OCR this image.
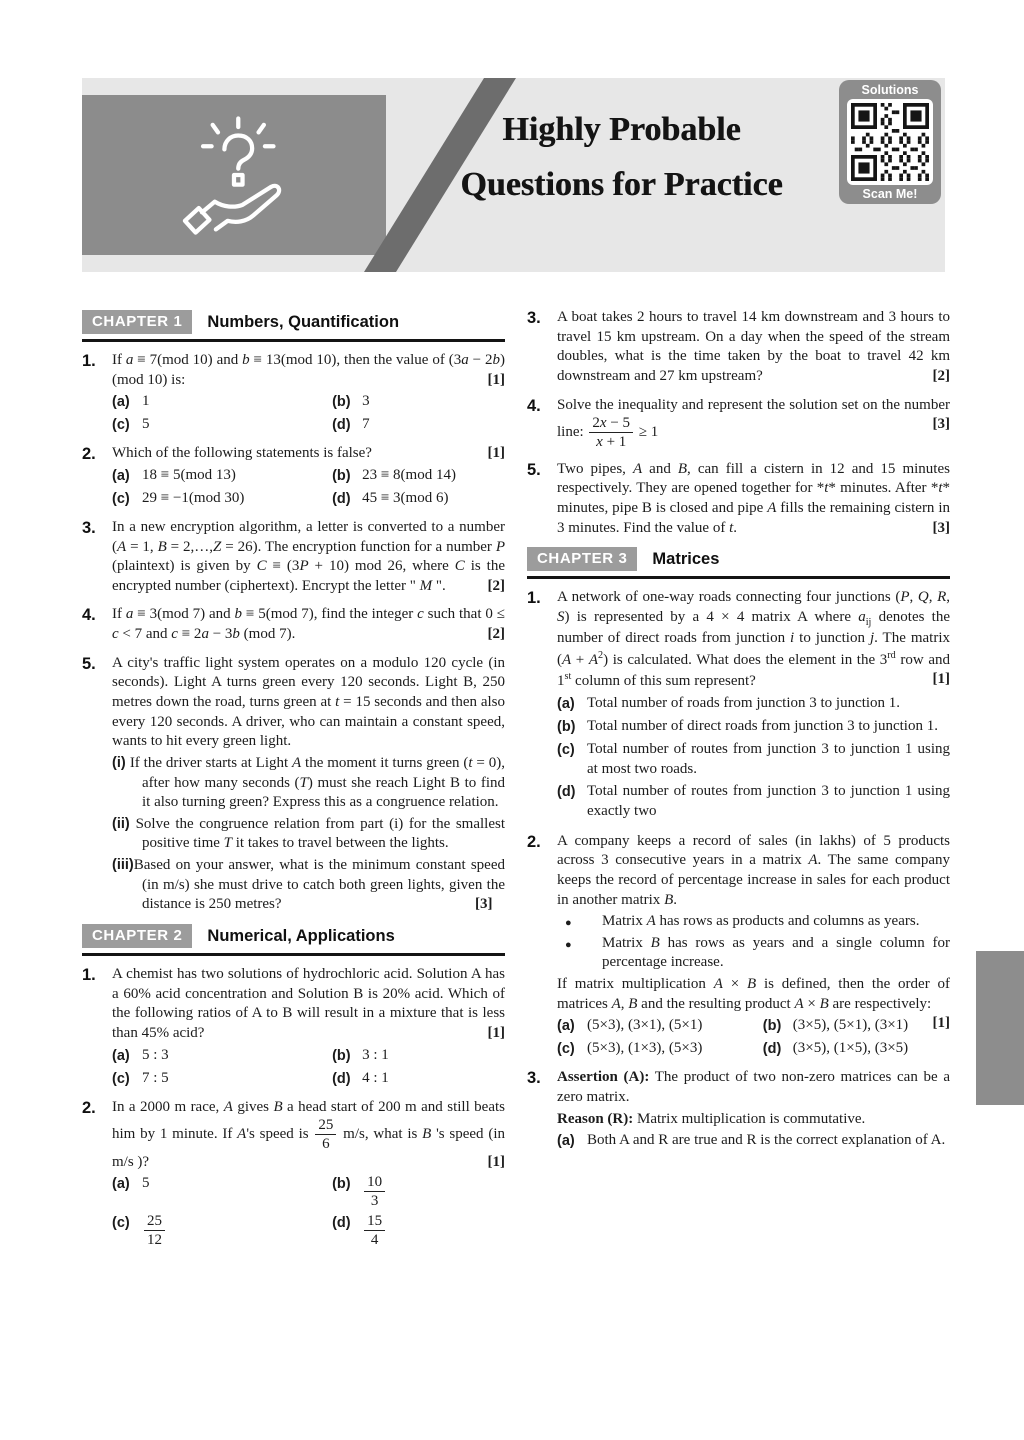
Highly Probable
Questions for Practice
Solutions
Scan Me!
CHAPTER 1	Numbers, Quantification
1.	If a ≡ 7(mod 10) and b ≡ 13(mod 10), then the value of (3a − 2b)(mod 10) is:	[1]
(a) 1	(b) 3
(c) 5	(d) 7
2.	Which of the following statements is false?	[1]
(a) 18 ≡ 5(mod 13)	(b) 23 ≡ 8(mod 14)
(c) 29 ≡ −1(mod 30)	(d) 45 ≡ 3(mod 6)
3.	In a new encryption algorithm, a letter is converted to a number (A = 1, B = 2,…,Z = 26). The encryption function for a number P (plaintext) is given by C ≡ (3P + 10) mod 26, where C is the encrypted number (ciphertext). Encrypt the letter " M ".	[2]
4.	If a ≡ 3(mod 7) and b ≡ 5(mod 7), find the integer c such that 0 ≤ c < 7 and c ≡ 2a − 3b (mod 7).	[2]
5.	A city's traffic light system operates on a modulo 120 cycle (in seconds). Light A turns green every 120 seconds. Light B, 250 metres down the road, turns green at t = 15 seconds and then also every 120 seconds. A driver, who can maintain a constant speed, wants to hit every green light.
(i) If the driver starts at Light A the moment it turns green (t = 0), after how many seconds (T) must she reach Light B to find it also turning green? Express this as a congruence relation.
(ii) Solve the congruence relation from part (i) for the smallest positive time T it takes to travel between the lights.
(iii)Based on your answer, what is the minimum constant speed (in m/s) she must drive to catch both green lights, given the distance is 250 metres?	[3]
CHAPTER 2	Numerical, Applications
1.	A chemist has two solutions of hydrochloric acid. Solution A has a 60% acid concentration and Solution B is 20% acid. Which of the following ratios of A to B will result in a mixture that is less than 45% acid?	[1]
(a) 5 : 3	(b) 3 : 1
(c) 7 : 5	(d) 4 : 1
2.	In a 2000 m race, A gives B a head start of 200 m and still beats him by 1 minute. If A's speed is $\frac{25}{6} m/s$, what is B 's speed (in m/s )?	[1]
(a) 5	$(b) \frac{10}{3}$
$(c) \frac{25}{12}$	$(d) \frac{15}{4}$
3.	A boat takes 2 hours to travel 14 km downstream and 3 hours to travel 15 km upstream. On a day when the speed of the stream doubles, what is the time taken by the boat to travel 42 km downstream and 27 km upstream?	[2]
4.	Solve the inequality and represent the solution set on the number line: $\frac{2x - 5}{x + 1} \ge 1$
[3]
5.	Two pipes, A and B, can fill a cistern in 12 and 15 minutes respectively. They are opened together for *t* minutes. After *t* minutes, pipe B is closed and pipe A fills the remaining cistern in 3 minutes. Find the value of t.	[3]
CHAPTER 3	Matrices
1.	A network of one-way roads connecting four junctions (P, Q, R, S) is represented by a 4 × 4 matrix A where $a_{ij}$ denotes the number of direct roads from junction i to junction j. The matrix $(A + A^2)$ is calculated. What does the element in the 3rd row and 1st column of this sum represent?	[1]
(a) Total number of roads from junction 3 to junction 1.
(b) Total number of direct roads from junction 3 to junction 1.
(c) Total number of routes from junction 3 to junction 1 using at most two roads.
(d) Total number of routes from junction 3 to junction 1 using exactly two
2.	A company keeps a record of sales (in lakhs) of 5 products across 3 consecutive years in a matrix A. The same company keeps the record of percentage increase in sales for each product in another matrix B.
●	Matrix A has rows as products and columns as years.
●	Matrix B has rows as years and a single column for percentage increase.
If matrix multiplication A × B is defined, then the order of matrices A, B and the resulting product A × B are respectively:
[1]
(a) (5×3), (3×1), (5×1)	(b) (3×5), (5×1), (3×1)
(c) (5×3), (1×3), (5×3)	(d) (3×5), (1×5), (3×5)
3.	Assertion (A): The product of two non-zero matrices can be a zero matrix.
Reason (R): Matrix multiplication is commutative.
(a) Both A and R are true and R is the correct explanation of A.
